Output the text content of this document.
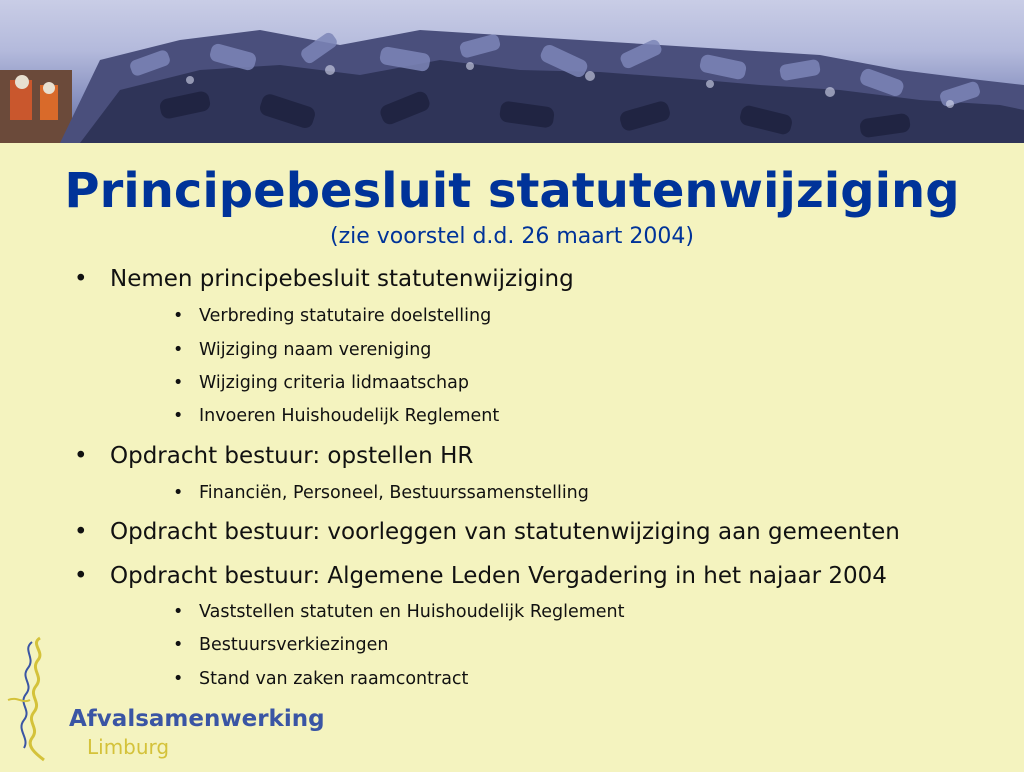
Principebesluit statutenwijziging
(zie voorstel d.d. 26 maart 2004)
• Nemen principebesluit statutenwijziging
• Verbreding statutaire doelstelling
• Wijziging naam vereniging
• Wijziging criteria lidmaatschap
• Invoeren Huishoudelijk Reglement
• Opdracht bestuur: opstellen HR
• Financiën, Personeel, Bestuurssamenstelling
• Opdracht bestuur: voorleggen van statutenwijziging aan gemeenten
• Opdracht bestuur: Algemene Leden Vergadering in het najaar 2004
• Vaststellen statuten en Huishoudelijk Reglement
• Bestuursverkiezingen
• Stand van zaken raamcontract
Afvalsamenwerking
Limburg
